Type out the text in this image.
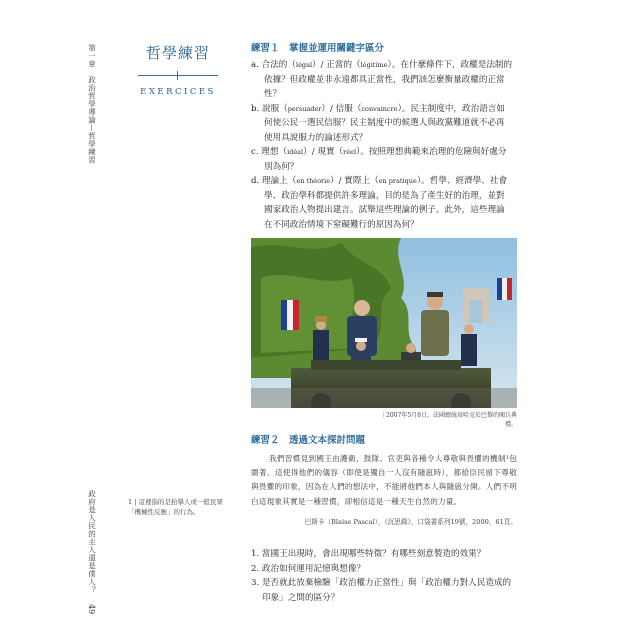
第一章　政治哲學導論—哲學練習
政府是人民的主人還是僕人？
49
哲學練習
EXERCICES
練習１　掌握並運用關鍵字區分
a. 合法的（légal）/ 正當的（légitime）。在什麼條件下，政權是法制的依據？但政權並非永遠都具正當性，我們該怎麼衡量政權的正當性？
b. 說服（persuader）/ 信服（convaincre）。民主制度中，政治語言如何使公民一選民信服？民主制度中的候選人與政黨難道就不必再使用具說服力的論述形式？
c. 理想（idéal）/ 現實（réel）。按照理想典範來治理的危險與好處分別為何？
d. 理論上（en théorie）/ 實際上（en pratique）。哲學、經濟學、社會學、政治學科都提供許多理論，目的是為了產生好的治理，並對國家政治人物提出建言。試舉這些理論的例子。此外，這些理論在不同政治情境下窒礙難行的原因為何？
｜2007年5月8日，法國總統席哈克於巴黎的閱兵典禮。
練習２　透過文本探討問題

我們習慣見到國王由護衛、鼓隊、官吏與各種令人尊敬與畏懼的機制¹包圍著。這使得他們的儀容（即使是獨自一人沒有隨扈時），都給臣民留下尊敬與畏懼的印象，因為在人們的想法中，不能將他們本人與隨扈分開。人們不明白這現象其實是一種習慣，卻相信這是一種天生自然的力量。

巴斯卡（Blaise Pascal），《沉思錄》，口袋書系列19號，2000，61頁。
1 | 這裡指的是抬擧人或一般民眾「機械性反應」的行為。
1. 當國王出現時，會出現哪些特徵？有哪些刻意製造的效果？
2. 政治如何運用記憶與想像？
3. 是否就此放棄檢驗「政治權力正當性」與「政治權力對人民造成的印象」之間的區分？
